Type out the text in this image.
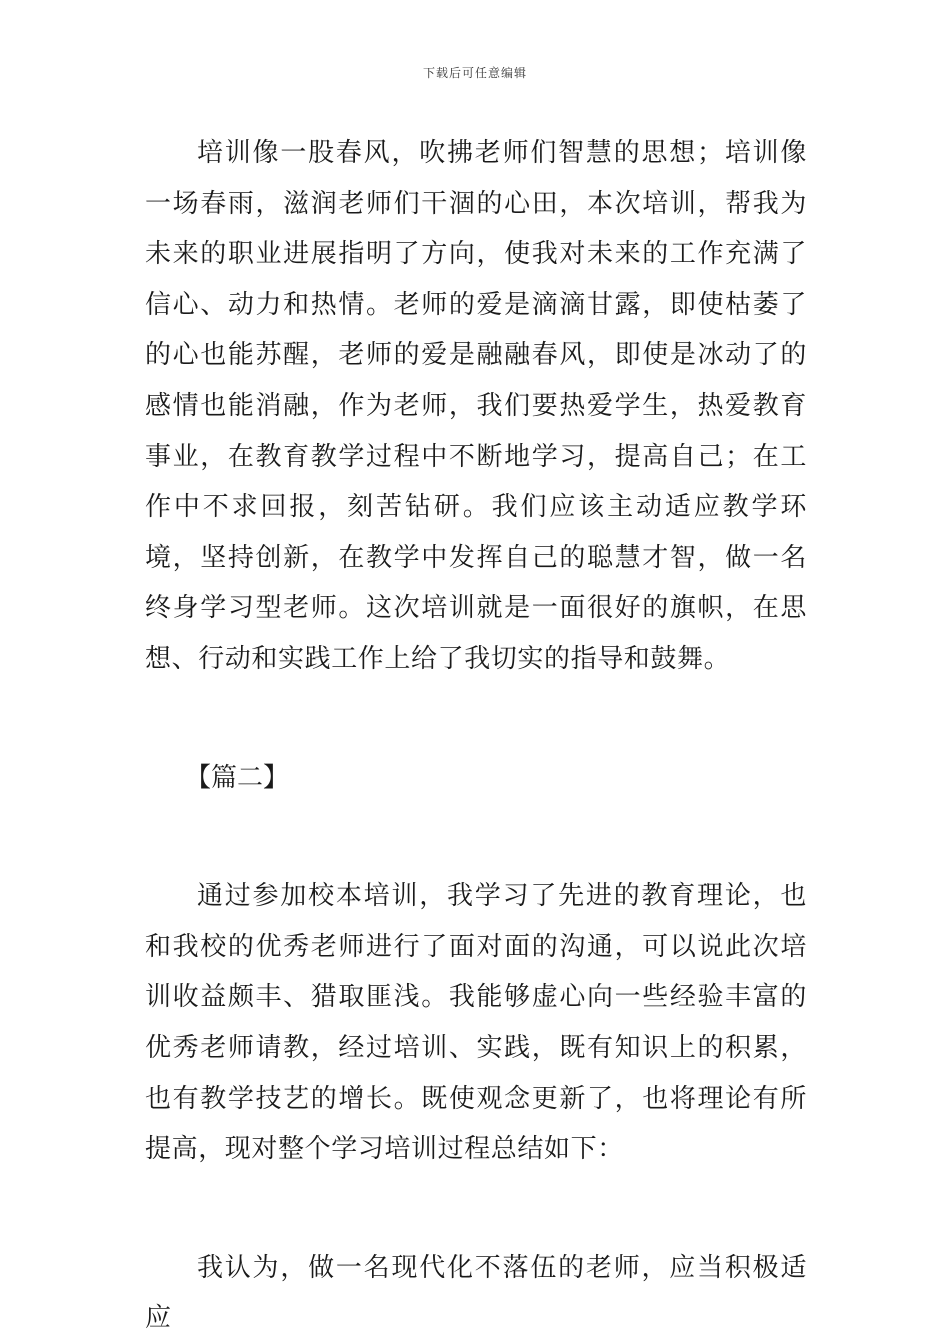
下载后可任意编辑

培训像一股春风，吹拂老师们智慧的思想；培训像一场春雨，滋润老师们干涸的心田，本次培训，帮我为未来的职业进展指明了方向，使我对未来的工作充满了信心、动力和热情。老师的爱是滴滴甘露，即使枯萎了的心也能苏醒，老师的爱是融融春风，即使是冰动了的感情也能消融，作为老师，我们要热爱学生，热爱教育事业，在教育教学过程中不断地学习，提高自己；在工作中不求回报，刻苦钻研。我们应该主动适应教学环境，坚持创新，在教学中发挥自己的聪慧才智，做一名终身学习型老师。这次培训就是一面很好的旗帜，在思想、行动和实践工作上给了我切实的指导和鼓舞。

【篇二】

通过参加校本培训，我学习了先进的教育理论，也和我校的优秀老师进行了面对面的沟通，可以说此次培训收益颇丰、猎取匪浅。我能够虚心向一些经验丰富的优秀老师请教，经过培训、实践，既有知识上的积累，也有教学技艺的增长。既使观念更新了，也将理论有所提高，现对整个学习培训过程总结如下：

我认为，做一名现代化不落伍的老师，应当积极适应
